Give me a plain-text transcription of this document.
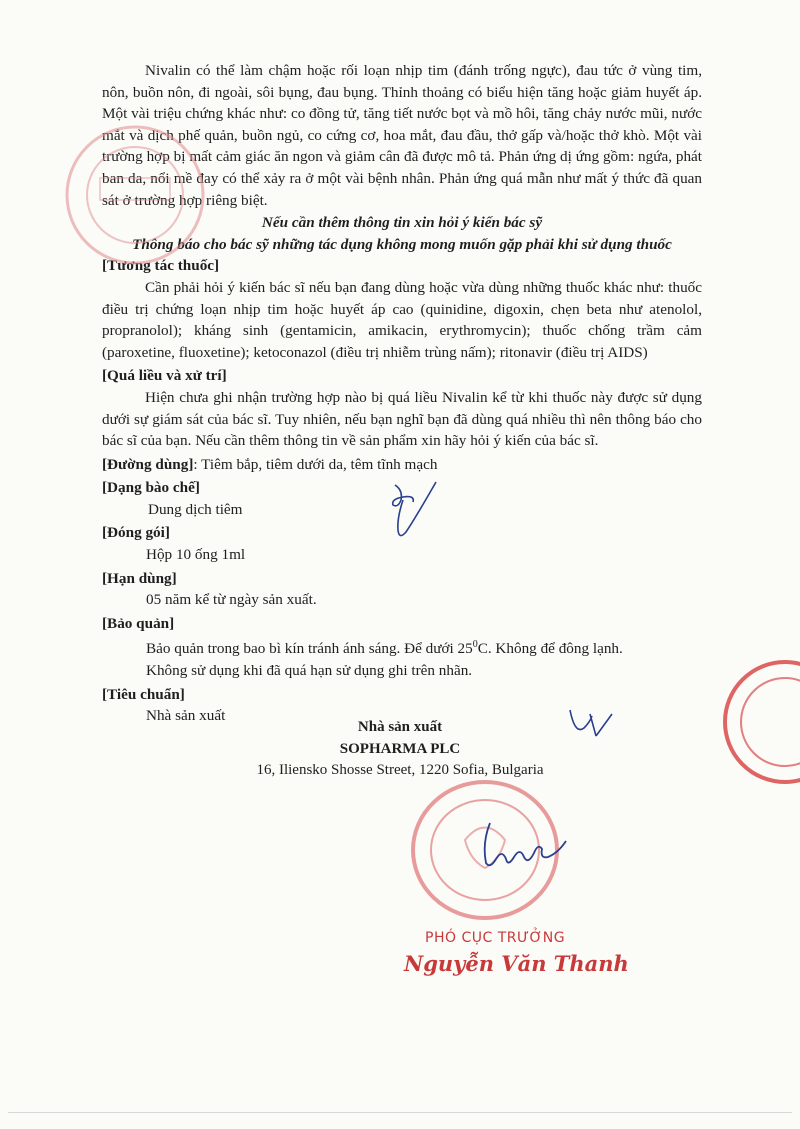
Nivalin có thể làm chậm hoặc rối loạn nhịp tim (đánh trống ngực), đau tức ở vùng tim, nôn, buồn nôn, đi ngoài, sôi bụng, đau bụng. Thỉnh thoảng có biểu hiện tăng hoặc giảm huyết áp. Một vài triệu chứng khác như: co đồng tử, tăng tiết nước bọt và mồ hôi, tăng chảy nước mũi, nước mắt và dịch phế quản, buồn ngủ, co cứng cơ, hoa mắt, đau đầu, thở gấp và/hoặc thở khò. Một vài trường hợp bị mất cảm giác ăn ngon và giảm cân đã được mô tả. Phản ứng dị ứng gồm: ngứa, phát ban da, nổi mề đay có thể xảy ra ở một vài bệnh nhân. Phản ứng quá mẫn như mất ý thức đã quan sát ở trường hợp riêng biệt.

Nếu cần thêm thông tin xin hỏi ý kiến bác sỹ

Thông báo cho bác sỹ những tác dụng không mong muốn gặp phải khi sử dụng thuốc

[Tương tác thuốc]

Cần phải hỏi ý kiến bác sĩ nếu bạn đang dùng hoặc vừa dùng những thuốc khác như: thuốc điều trị chứng loạn nhịp tim hoặc huyết áp cao (quinidine, digoxin, chẹn beta như atenolol, propranolol); kháng sinh (gentamicin, amikacin, erythromycin); thuốc chống trầm cảm (paroxetine, fluoxetine); ketoconazol (điều trị nhiễm trùng nấm); ritonavir (điều trị AIDS)

[Quá liều và xử trí]

Hiện chưa ghi nhận trường hợp nào bị quá liều Nivalin kể từ khi thuốc này được sử dụng dưới sự giám sát của bác sĩ. Tuy nhiên, nếu bạn nghĩ bạn đã dùng quá nhiều thì nên thông báo cho bác sĩ của bạn. Nếu cần thêm thông tin về sản phẩm xin hãy hỏi ý kiến của bác sĩ.

[Đường dùng]: Tiêm bắp, tiêm dưới da, têm tĩnh mạch

[Dạng bào chế]

Dung dịch tiêm

[Đóng gói]

Hộp 10 ống 1ml

[Hạn dùng]

05 năm kể từ ngày sản xuất.

[Bảo quản]

Bảo quản trong bao bì kín tránh ánh sáng. Để dưới $25^0C$. Không để đông lạnh.

Không sử dụng khi đã quá hạn sử dụng ghi trên nhãn.

[Tiêu chuẩn]

Nhà sản xuất

Nhà sản xuất
SOPHARMA PLC
16, Iliensko Shosse Street, 1220 Sofia, Bulgaria
PHÓ CỤC TRƯỞNG
Nguyễn Văn Thanh
